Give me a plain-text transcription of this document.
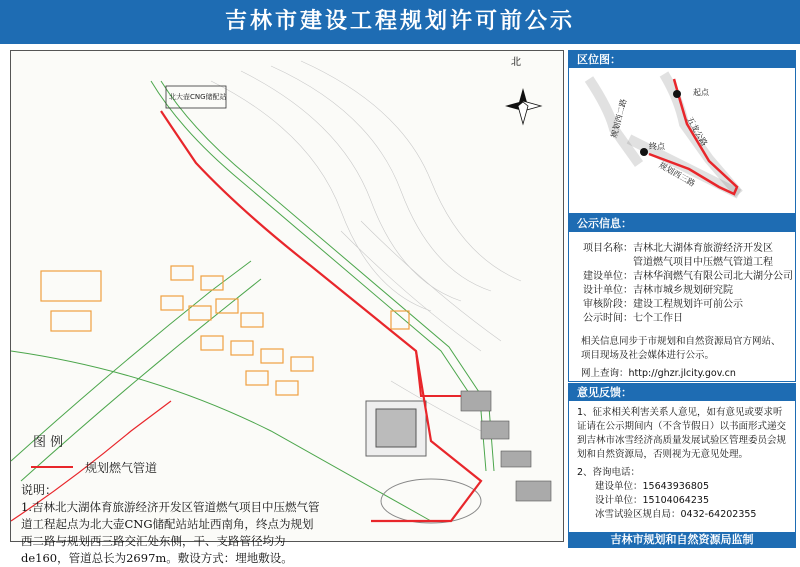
吉林市建设工程规划许可前公示
北
北大壶CNG储配站
图 例
规划燃气管道
说明：
1.吉林北大湖体育旅游经济开发区管道燃气项目中压燃气管道工程起点为北大壶CNG储配站站址西南角，终点为规划西二路与规划西三路交汇处东侧，干、支路管径均为de160，管道总长为2697m。敷设方式：埋地敷设。
区位图：
起点
终点
规划西二路	五龙公路
规划西三路
公示信息：
项目名称：吉林北大湖体育旅游经济开发区
管道燃气项目中压燃气管道工程
建设单位：吉林华润燃气有限公司北大湖分公司
设计单位：吉林市城乡规划研究院
审核阶段：建设工程规划许可前公示
公示时间：七个工作日
相关信息同步于市规划和自然资源局官方网站、项目现场及社会媒体进行公示。
网上查询：http://ghzr.jlcity.gov.cn
意见反馈：
1、征求相关利害关系人意见，如有意见或要求听证请在公示期间内（不含节假日）以书面形式递交到吉林市冰雪经济高质量发展试验区管理委员会规划和自然资源局，否则视为无意见处理。
2、咨询电话：
建设单位：15643936805
设计单位：15104064235
冰雪试验区规自局：0432-64202355
吉林市规划和自然资源局监制
